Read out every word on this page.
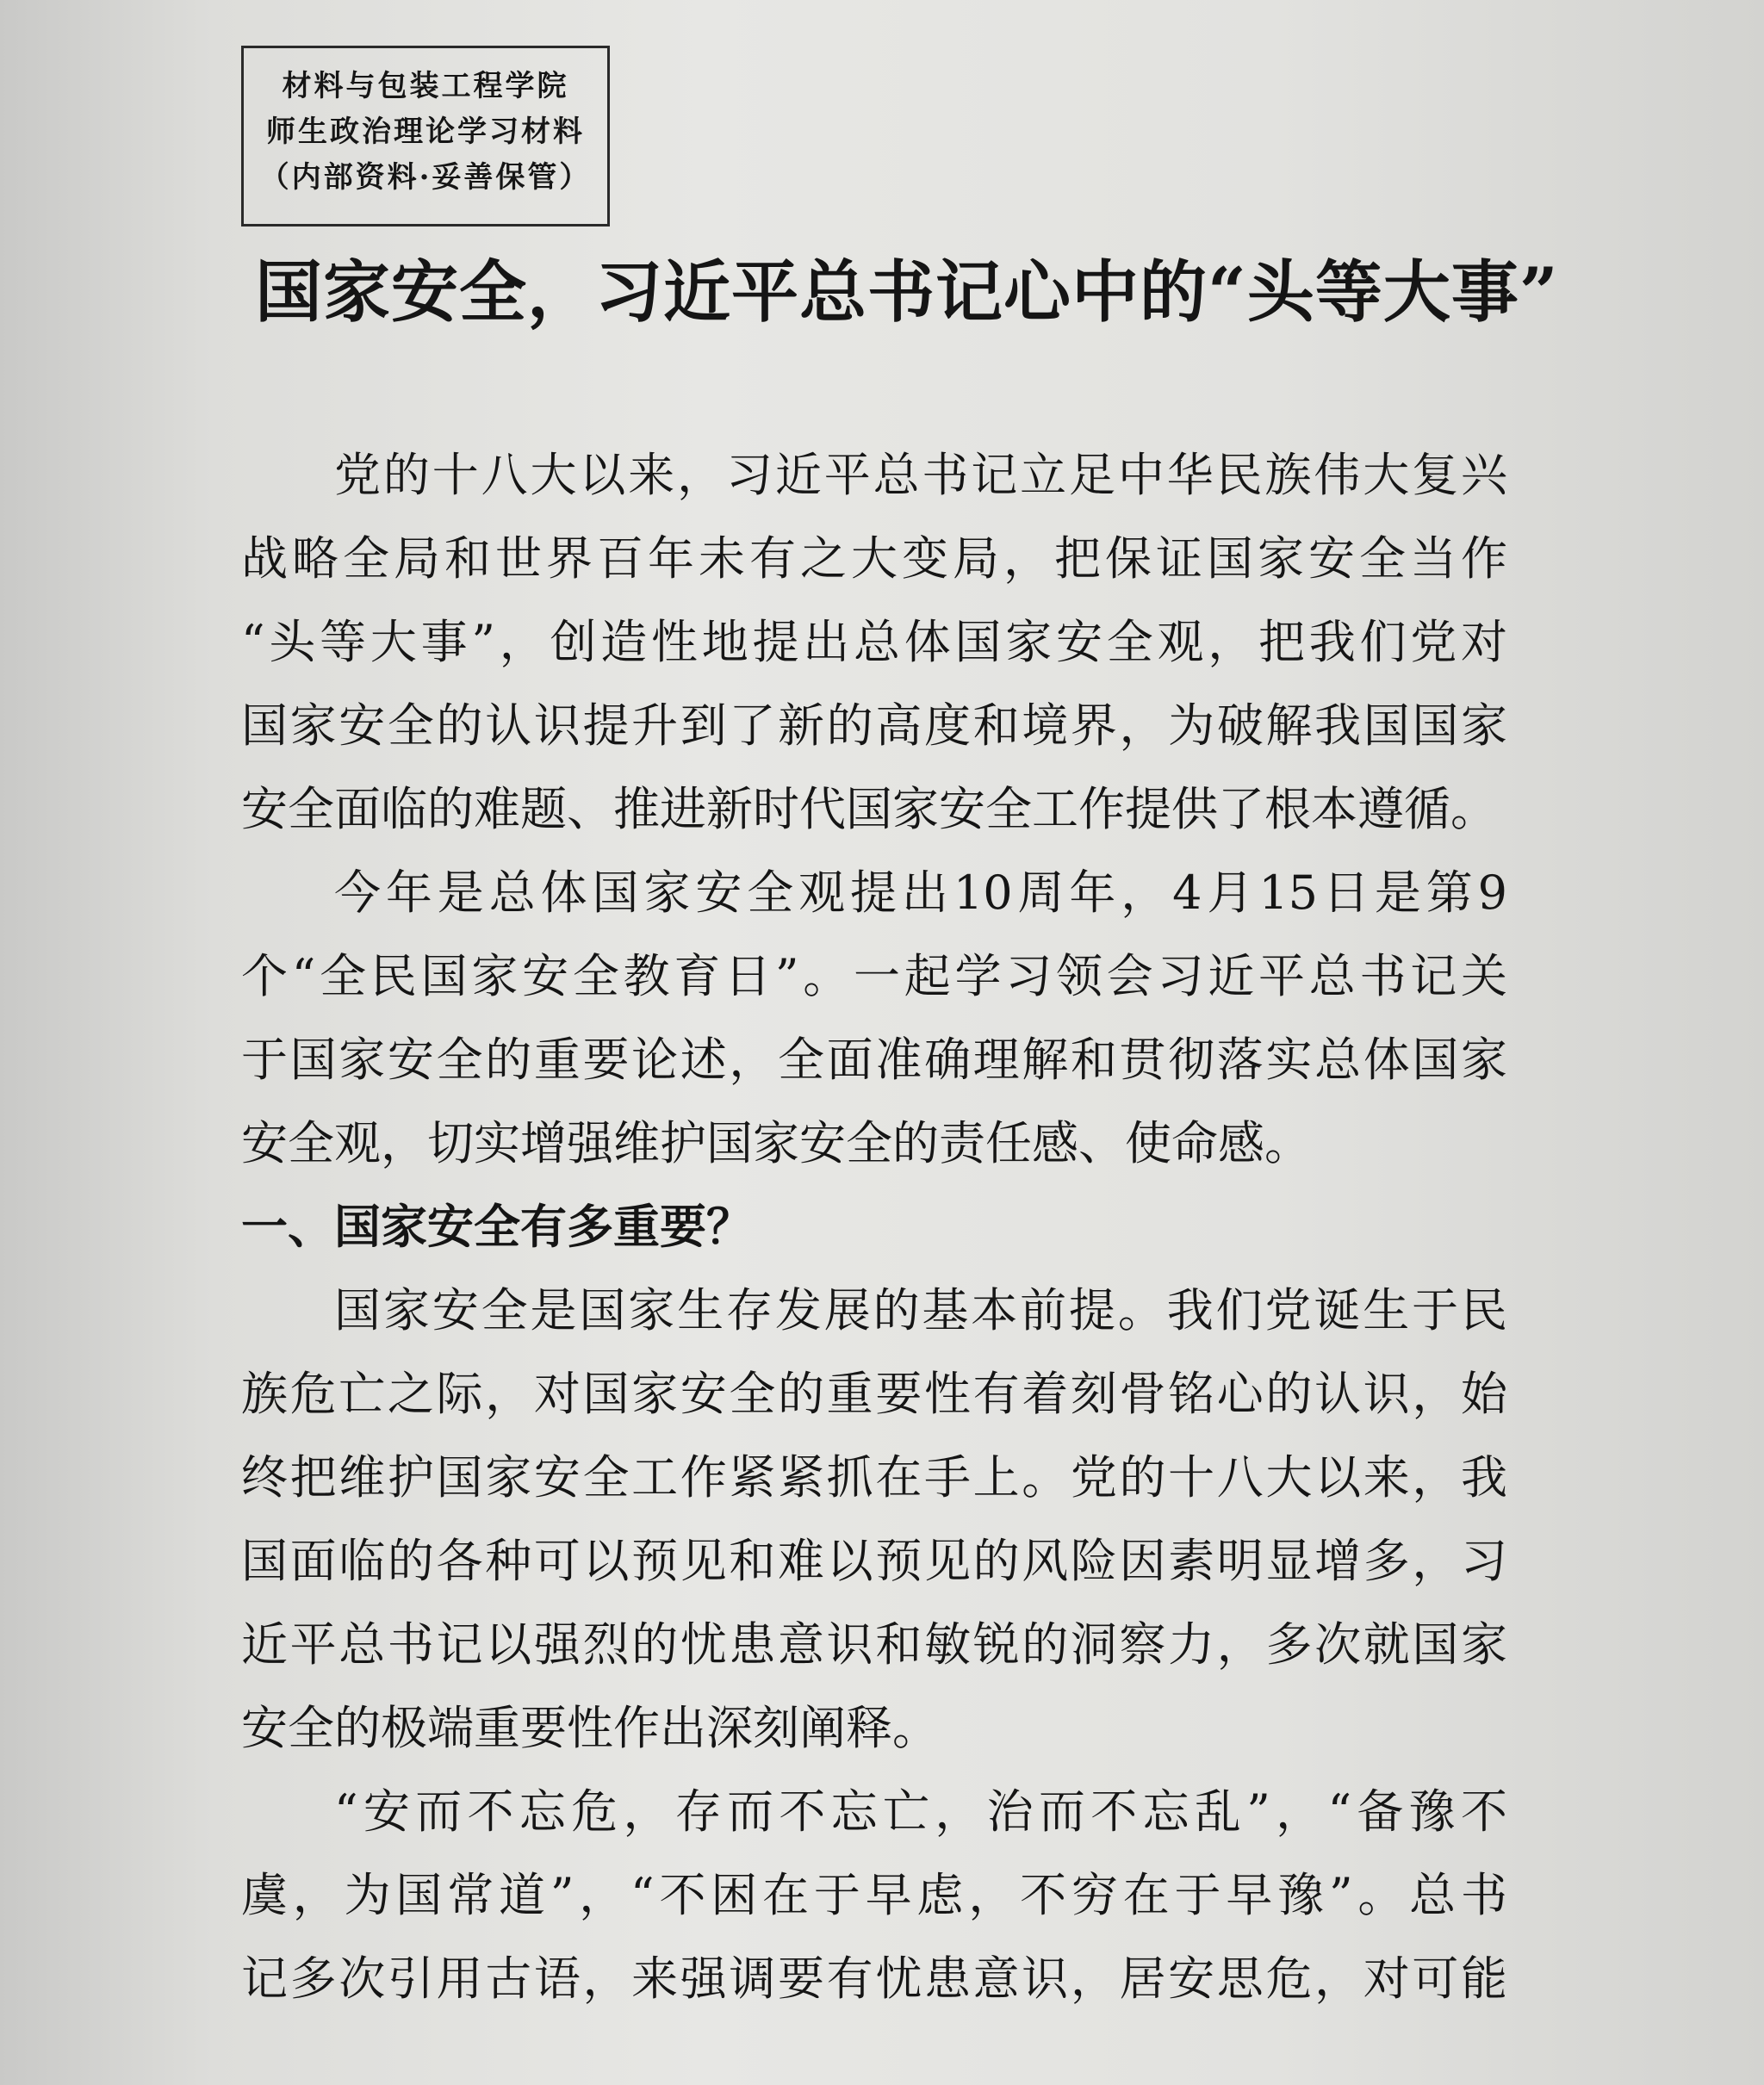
材料与包装工程学院
师生政治理论学习材料
（内部资料·妥善保管）
国家安全，习近平总书记心中的“头等大事”
党的十八大以来，习近平总书记立足中华民族伟大复兴
战略全局和世界百年未有之大变局，把保证国家安全当作
“头等大事”，创造性地提出总体国家安全观，把我们党对
国家安全的认识提升到了新的高度和境界，为破解我国国家
安全面临的难题、推进新时代国家安全工作提供了根本遵循。
今年是总体国家安全观提出10周年，4月15日是第9
个“全民国家安全教育日”。一起学习领会习近平总书记关
于国家安全的重要论述，全面准确理解和贯彻落实总体国家
安全观，切实增强维护国家安全的责任感、使命感。
一、国家安全有多重要？
国家安全是国家生存发展的基本前提。我们党诞生于民
族危亡之际，对国家安全的重要性有着刻骨铭心的认识，始
终把维护国家安全工作紧紧抓在手上。党的十八大以来，我
国面临的各种可以预见和难以预见的风险因素明显增多，习
近平总书记以强烈的忧患意识和敏锐的洞察力，多次就国家
安全的极端重要性作出深刻阐释。
“安而不忘危，存而不忘亡，治而不忘乱”，“备豫不
虞，为国常道”，“不困在于早虑，不穷在于早豫”。总书
记多次引用古语，来强调要有忧患意识，居安思危，对可能
